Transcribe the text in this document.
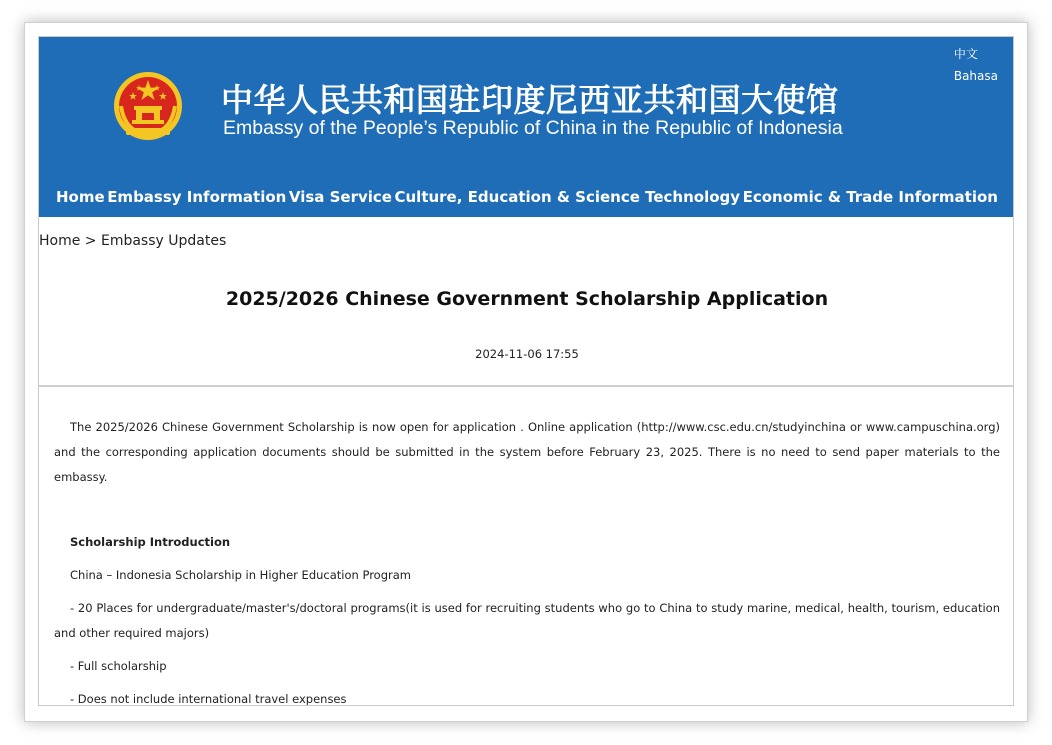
中文
Bahasa
中华人民共和国驻印度尼西亚共和国大使馆
Embassy of the People’s Republic of China in the Republic of Indonesia
Home Embassy Information Visa Service Culture, Education & Science Technology Economic & Trade Information
Home > Embassy Updates
2025/2026 Chinese Government Scholarship Application
2024-11-06 17:55

The 2025/2026 Chinese Government Scholarship is now open for application . Online application (http://www.csc.edu.cn/studyinchina or www.campuschina.org) and the corresponding application documents should be submitted in the system before February 23, 2025. There is no need to send paper materials to the embassy.

Scholarship Introduction

China – Indonesia Scholarship in Higher Education Program

- 20 Places for undergraduate/master's/doctoral programs(it is used for recruiting students who go to China to study marine, medical, health, tourism, education and other required majors)

- Full scholarship

- Does not include international travel expenses
